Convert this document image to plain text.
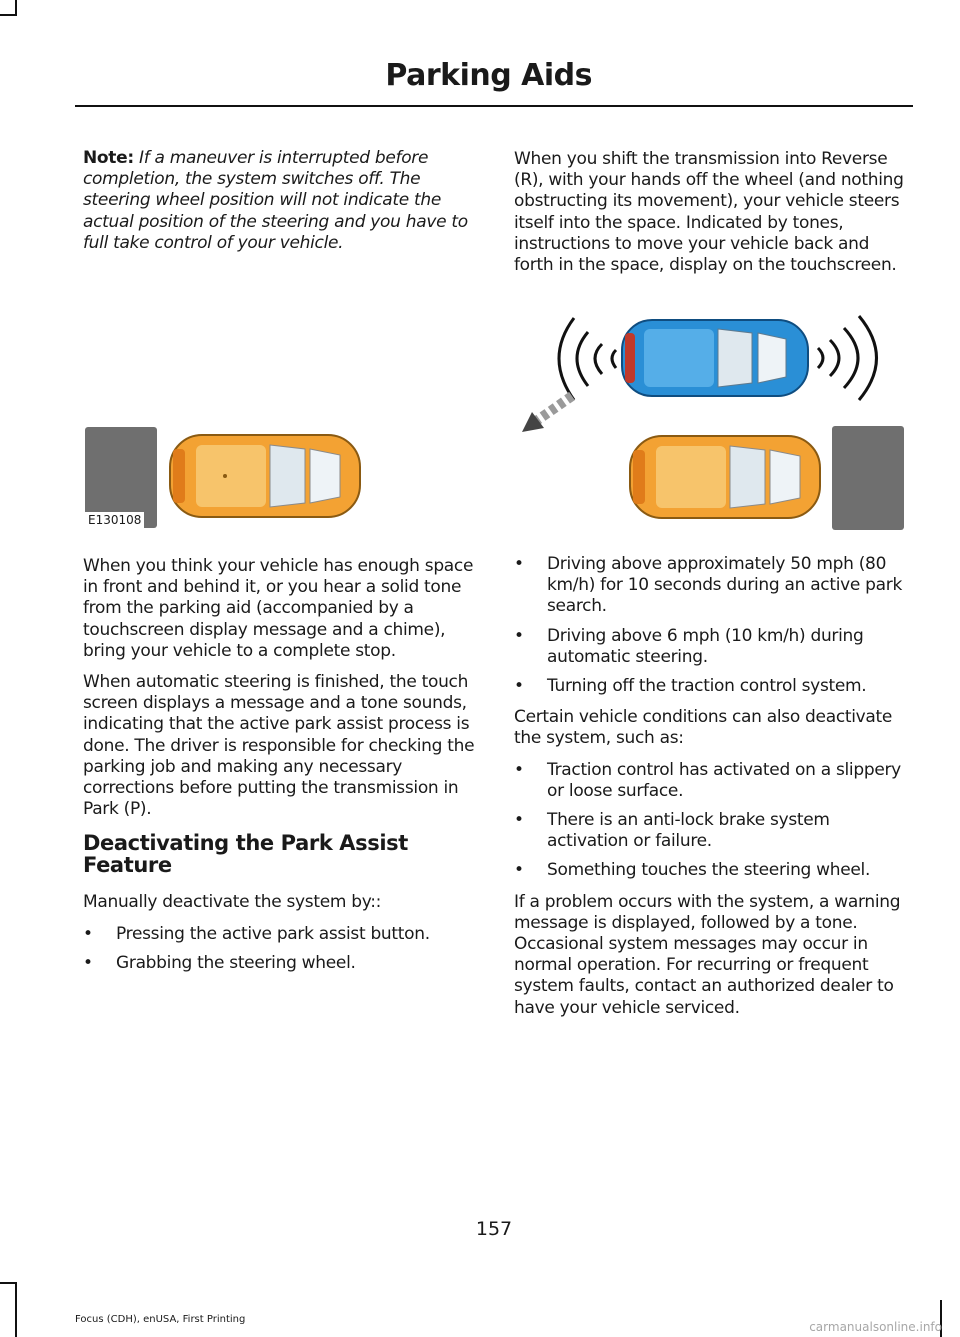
Parking Aids

Note: If a maneuver is interrupted before completion, the system switches off. The steering wheel position will not indicate the actual position of the steering and you have to full take control of your vehicle.

E130108

When you think your vehicle has enough space in front and behind it, or you hear a solid tone from the parking aid (accompanied by a touchscreen display message and a chime), bring your vehicle to a complete stop.

When automatic steering is finished, the touch screen displays a message and a tone sounds, indicating that the active park assist process is done. The driver is responsible for checking the parking job and making any necessary corrections before putting the transmission in Park (P).

Deactivating the Park Assist Feature

Manually deactivate the system by::

• Pressing the active park assist button.
• Grabbing the steering wheel.

When you shift the transmission into Reverse (R), with your hands off the wheel (and nothing obstructing its movement), your vehicle steers itself into the space. Indicated by tones, instructions to move your vehicle back and forth in the space, display on the touchscreen.

• Driving above approximately 50 mph (80 km/h) for 10 seconds during an active park search.
• Driving above 6 mph (10 km/h) during automatic steering.
• Turning off the traction control system.

Certain vehicle conditions can also deactivate the system, such as:

• Traction control has activated on a slippery or loose surface.
• There is an anti-lock brake system activation or failure.
• Something touches the steering wheel.

If a problem occurs with the system, a warning message is displayed, followed by a tone. Occasional system messages may occur in normal operation. For recurring or frequent system faults, contact an authorized dealer to have your vehicle serviced.

157
Focus (CDH), enUSA, First Printing
carmanualsonline.info
